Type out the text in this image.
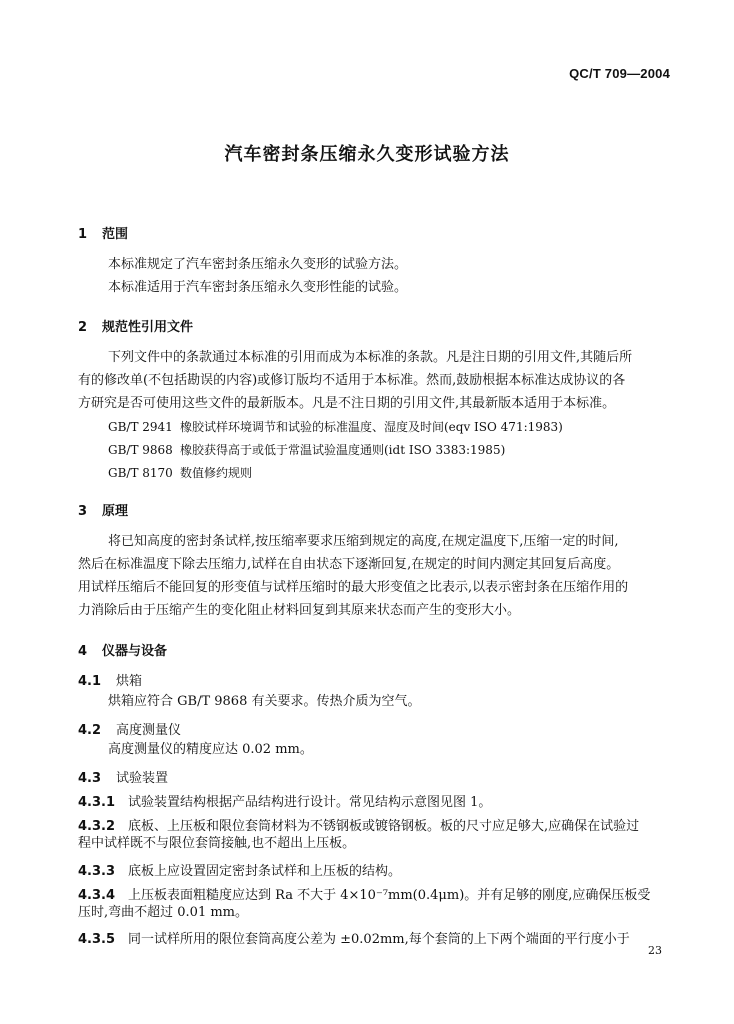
QC/T 709—2004
汽车密封条压缩永久变形试验方法
1 范围
本标准规定了汽车密封条压缩永久变形的试验方法。
本标准适用于汽车密封条压缩永久变形性能的试验。
2 规范性引用文件
下列文件中的条款通过本标准的引用而成为本标准的条款。凡是注日期的引用文件,其随后所
有的修改单(不包括勘误的内容)或修订版均不适用于本标准。然而,鼓励根据本标准达成协议的各
方研究是否可使用这些文件的最新版本。凡是不注日期的引用文件,其最新版本适用于本标准。
GB/T 2941 橡胶试样环境调节和试验的标准温度、湿度及时间(eqv ISO 471:1983)
GB/T 9868 橡胶获得高于或低于常温试验温度通则(idt ISO 3383:1985)
GB/T 8170 数值修约规则
3 原理
将已知高度的密封条试样,按压缩率要求压缩到规定的高度,在规定温度下,压缩一定的时间,
然后在标准温度下除去压缩力,试样在自由状态下逐渐回复,在规定的时间内测定其回复后高度。
用试样压缩后不能回复的形变值与试样压缩时的最大形变值之比表示,以表示密封条在压缩作用的
力消除后由于压缩产生的变化阻止材料回复到其原来状态而产生的变形大小。
4 仪器与设备
4.1 烘箱
烘箱应符合 GB/T 9868 有关要求。传热介质为空气。
4.2 高度测量仪
高度测量仪的精度应达 0.02 mm。
4.3 试验装置
4.3.1 试验装置结构根据产品结构进行设计。常见结构示意图见图 1。
4.3.2 底板、上压板和限位套筒材料为不锈钢板或镀铬钢板。板的尺寸应足够大,应确保在试验过
程中试样既不与限位套筒接触,也不超出上压板。
4.3.3 底板上应设置固定密封条试样和上压板的结构。
4.3.4 上压板表面粗糙度应达到 Ra 不大于 4×10⁻⁷mm(0.4μm)。并有足够的刚度,应确保压板受
压时,弯曲不超过 0.01 mm。
4.3.5 同一试样所用的限位套筒高度公差为 ±0.02mm,每个套筒的上下两个端面的平行度小于
23
